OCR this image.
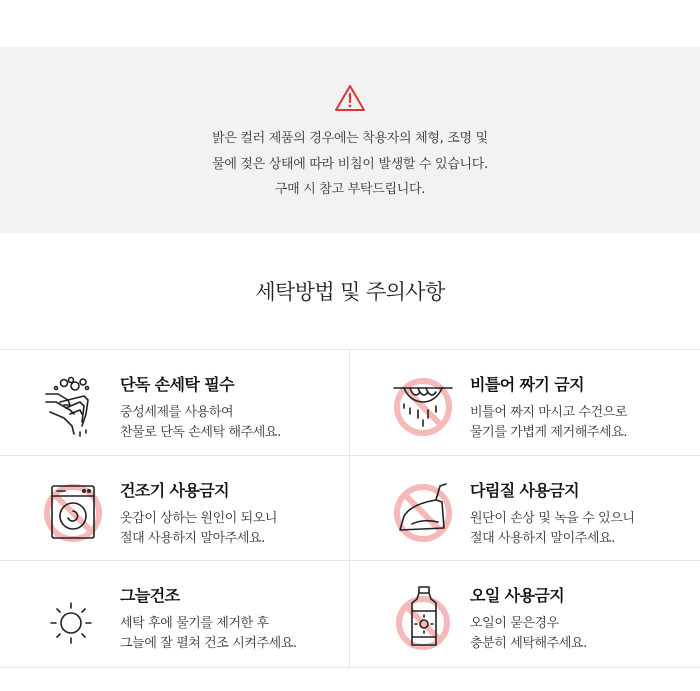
밝은 컬러 제품의 경우에는 착용자의 체형, 조명 및
물에 젖은 상태에 따라 비침이 발생할 수 있습니다.
구매 시 참고 부탁드립니다.
세탁방법 및 주의사항
단독 손세탁 필수
중성세제를 사용하여
찬물로 단독 손세탁 해주세요.
비틀어 짜기 금지
비틀어 짜지 마시고 수건으로
물기를 가볍게 제거해주세요.
건조기 사용금지
옷감이 상하는 원인이 되오니
절대 사용하지 말아주세요.
다림질 사용금지
원단이 손상 및 녹을 수 있으니
절대 사용하지 말이주세요.
그늘건조
세탁 후에 물기를 제거한 후
그늘에 잘 펼쳐 건조 시켜주세요.
오일 사용금지
오일이 묻은경우
충분히 세탁해주세요.
